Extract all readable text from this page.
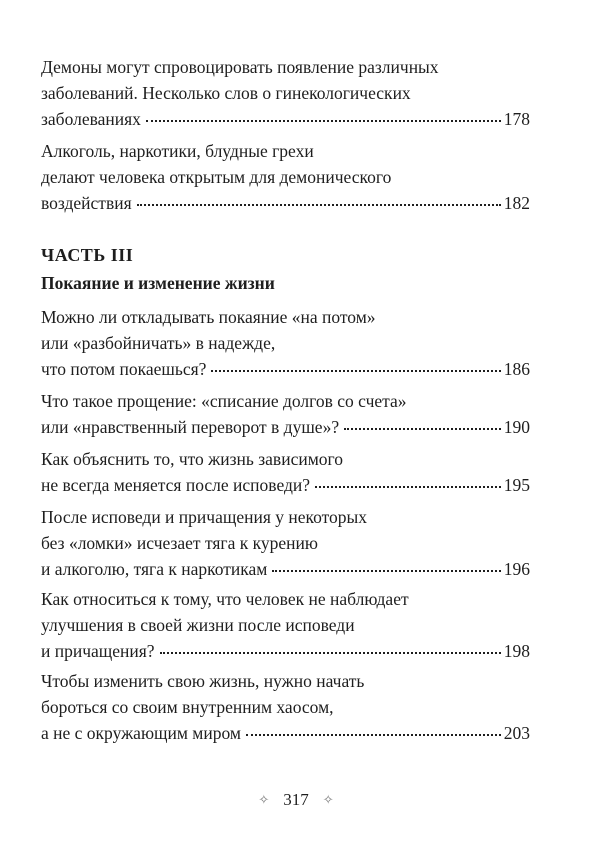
Демоны могут спровоцировать появление различных
заболеваний. Несколько слов о гинекологических
заболеваниях	178
Алкоголь, наркотики, блудные грехи
делают человека открытым для демонического
воздействия	182
ЧАСТЬ III
Покаяние и изменение жизни
Можно ли откладывать покаяние «на потом»
или «разбойничать» в надежде,
что потом покаешься?	186
Что такое прощение: «списание долгов со счета»
или «нравственный переворот в душе»?	190
Как объяснить то, что жизнь зависимого
не всегда меняется после исповеди?	195
После исповеди и причащения у некоторых
без «ломки» исчезает тяга к курению
и алкоголю, тяга к наркотикам	196
Как относиться к тому, что человек не наблюдает
улучшения в своей жизни после исповеди
и причащения?	198
Чтобы изменить свою жизнь, нужно начать
бороться со своим внутренним хаосом,
а не с окружающим миром	203
✧ 317 ✧
